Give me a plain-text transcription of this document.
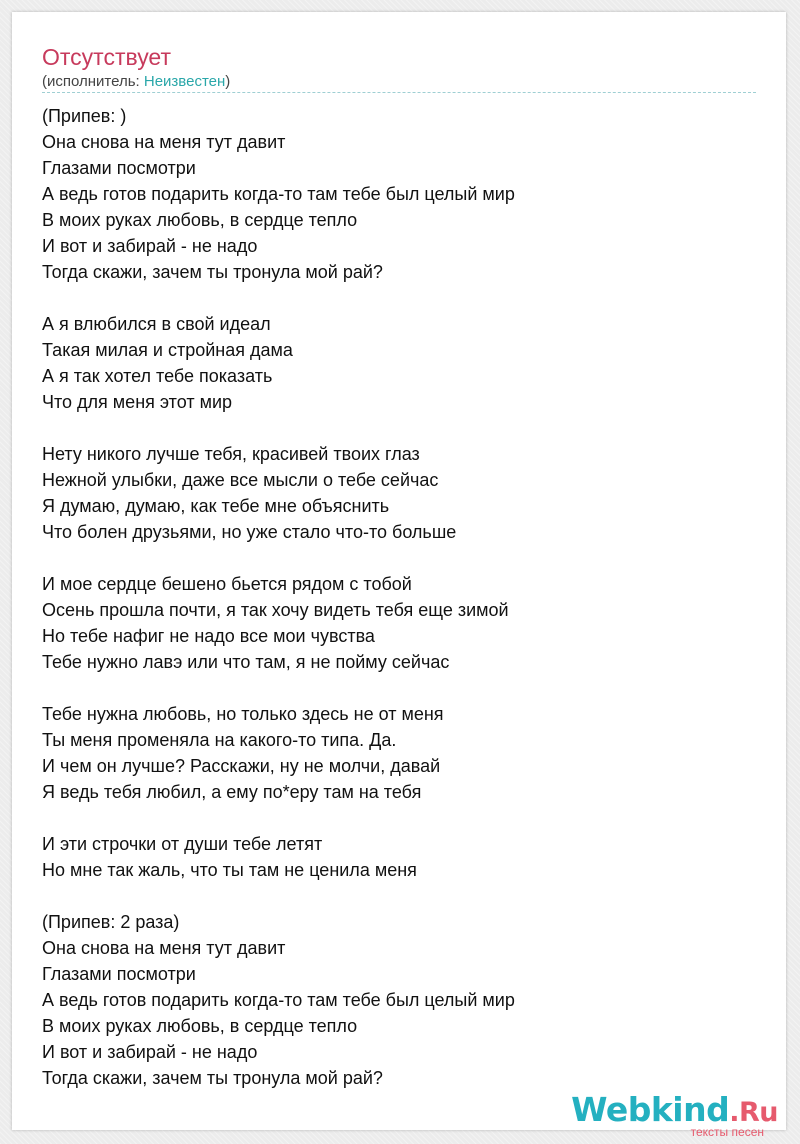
Отсутствует
(исполнитель: Неизвестен)
(Припев: )
Она снова на меня тут давит
Глазами посмотри
А ведь готов подарить когда-то там тебе был целый мир
В моих руках любовь, в сердце тепло
И вот и забирай - не надо
Тогда скажи, зачем ты тронула мой рай?
А я влюбился в свой идеал
Такая милая и стройная дама
А я так хотел тебе показать
Что для меня этот мир
Нету никого лучше тебя, красивей твоих глаз
Нежной улыбки, даже все мысли о тебе сейчас
Я думаю, думаю, как тебе мне объяснить
Что болен друзьями, но уже стало что-то больше
И мое сердце бешено бьется рядом с тобой
Осень прошла почти, я так хочу видеть тебя еще зимой
Но тебе нафиг не надо все мои чувства
Тебе нужно лавэ или что там, я не пойму сейчас
Тебе нужна любовь, но только здесь не от меня
Ты меня променяла на какого-то типа. Да.
И чем он лучше? Расскажи, ну не молчи, давай
Я ведь тебя любил, а ему по*еру там на тебя
И эти строчки от души тебе летят
Но мне так жаль, что ты там не ценила меня
(Припев: 2 раза)
Она снова на меня тут давит
Глазами посмотри
А ведь готов подарить когда-то там тебе был целый мир
В моих руках любовь, в сердце тепло
И вот и забирай - не надо
Тогда скажи, зачем ты тронула мой рай?
Webkind.Ru
тексты песен
